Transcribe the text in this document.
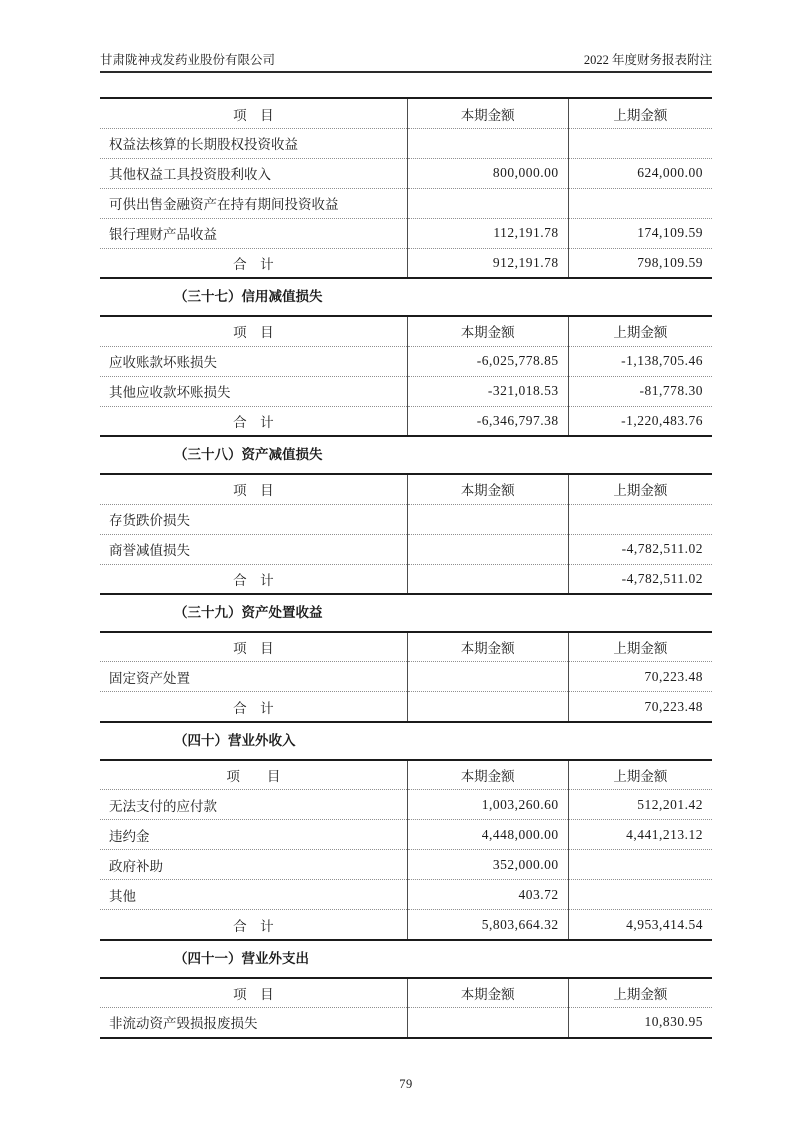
甘肃陇神戎发药业股份有限公司	2022 年度财务报表附注
项　目	本期金额	上期金额
权益法核算的长期股权投资收益		
其他权益工具投资股利收入	800,000.00	624,000.00
可供出售金融资产在持有期间投资收益		
银行理财产品收益	112,191.78	174,109.59
合　计	912,191.78	798,109.59
（三十七）信用减值损失
项　目	本期金额	上期金额
应收账款坏账损失	-6,025,778.85	-1,138,705.46
其他应收款坏账损失	-321,018.53	-81,778.30
合　计	-6,346,797.38	-1,220,483.76
（三十八）资产减值损失
项　目	本期金额	上期金额
存货跌价损失		
商誉减值损失		-4,782,511.02
合　计		-4,782,511.02
（三十九）资产处置收益
项　目	本期金额	上期金额
固定资产处置		70,223.48
合　计		70,223.48
（四十）营业外收入
项　　目	本期金额	上期金额
无法支付的应付款	1,003,260.60	512,201.42
违约金	4,448,000.00	4,441,213.12
政府补助	352,000.00	
其他	403.72	
合　计	5,803,664.32	4,953,414.54
（四十一）营业外支出
项　目	本期金额	上期金额
非流动资产毁损报废损失		10,830.95
79
